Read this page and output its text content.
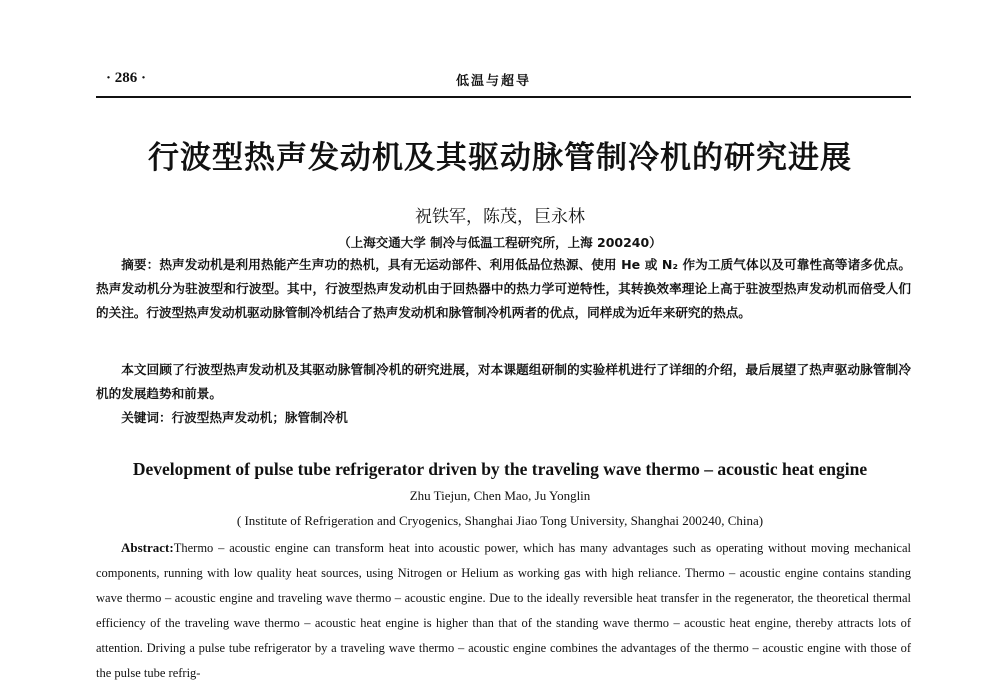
· 286 ·	低温与超导
行波型热声发动机及其驱动脉管制冷机的研究进展
祝铁军，陈茂，巨永林
（上海交通大学 制冷与低温工程研究所，上海 200240）
摘要：热声发动机是利用热能产生声功的热机，具有无运动部件、利用低品位热源、使用 He 或 N₂ 作为工质气体以及可靠性高等诸多优点。热声发动机分为驻波型和行波型。其中，行波型热声发动机由于回热器中的热力学可逆特性，其转换效率理论上高于驻波型热声发动机而倍受人们的关注。行波型热声发动机驱动脉管制冷机结合了热声发动机和脉管制冷机两者的优点，同样成为近年来研究的热点。
本文回顾了行波型热声发动机及其驱动脉管制冷机的研究进展，对本课题组研制的实验样机进行了详细的介绍，最后展望了热声驱动脉管制冷机的发展趋势和前景。
关键词：行波型热声发动机；脉管制冷机
Development of pulse tube refrigerator driven by the traveling wave thermo – acoustic heat engine
Zhu Tiejun, Chen Mao, Ju Yonglin
( Institute of Refrigeration and Cryogenics, Shanghai Jiao Tong University, Shanghai 200240, China)
Abstract:Thermo – acoustic engine can transform heat into acoustic power, which has many advantages such as operating without moving mechanical components, running with low quality heat sources, using Nitrogen or Helium as working gas with high reliance. Thermo – acoustic engine contains standing wave thermo – acoustic engine and traveling wave thermo – acoustic engine. Due to the ideally reversible heat transfer in the regenerator, the theoretical thermal efficiency of the traveling wave thermo – acoustic heat engine is higher than that of the standing wave thermo – acoustic heat engine, thereby attracts lots of attention. Driving a pulse tube refrigerator by a traveling wave thermo – acoustic engine combines the advantages of the thermo – acoustic engine with those of the pulse tube refrig-
